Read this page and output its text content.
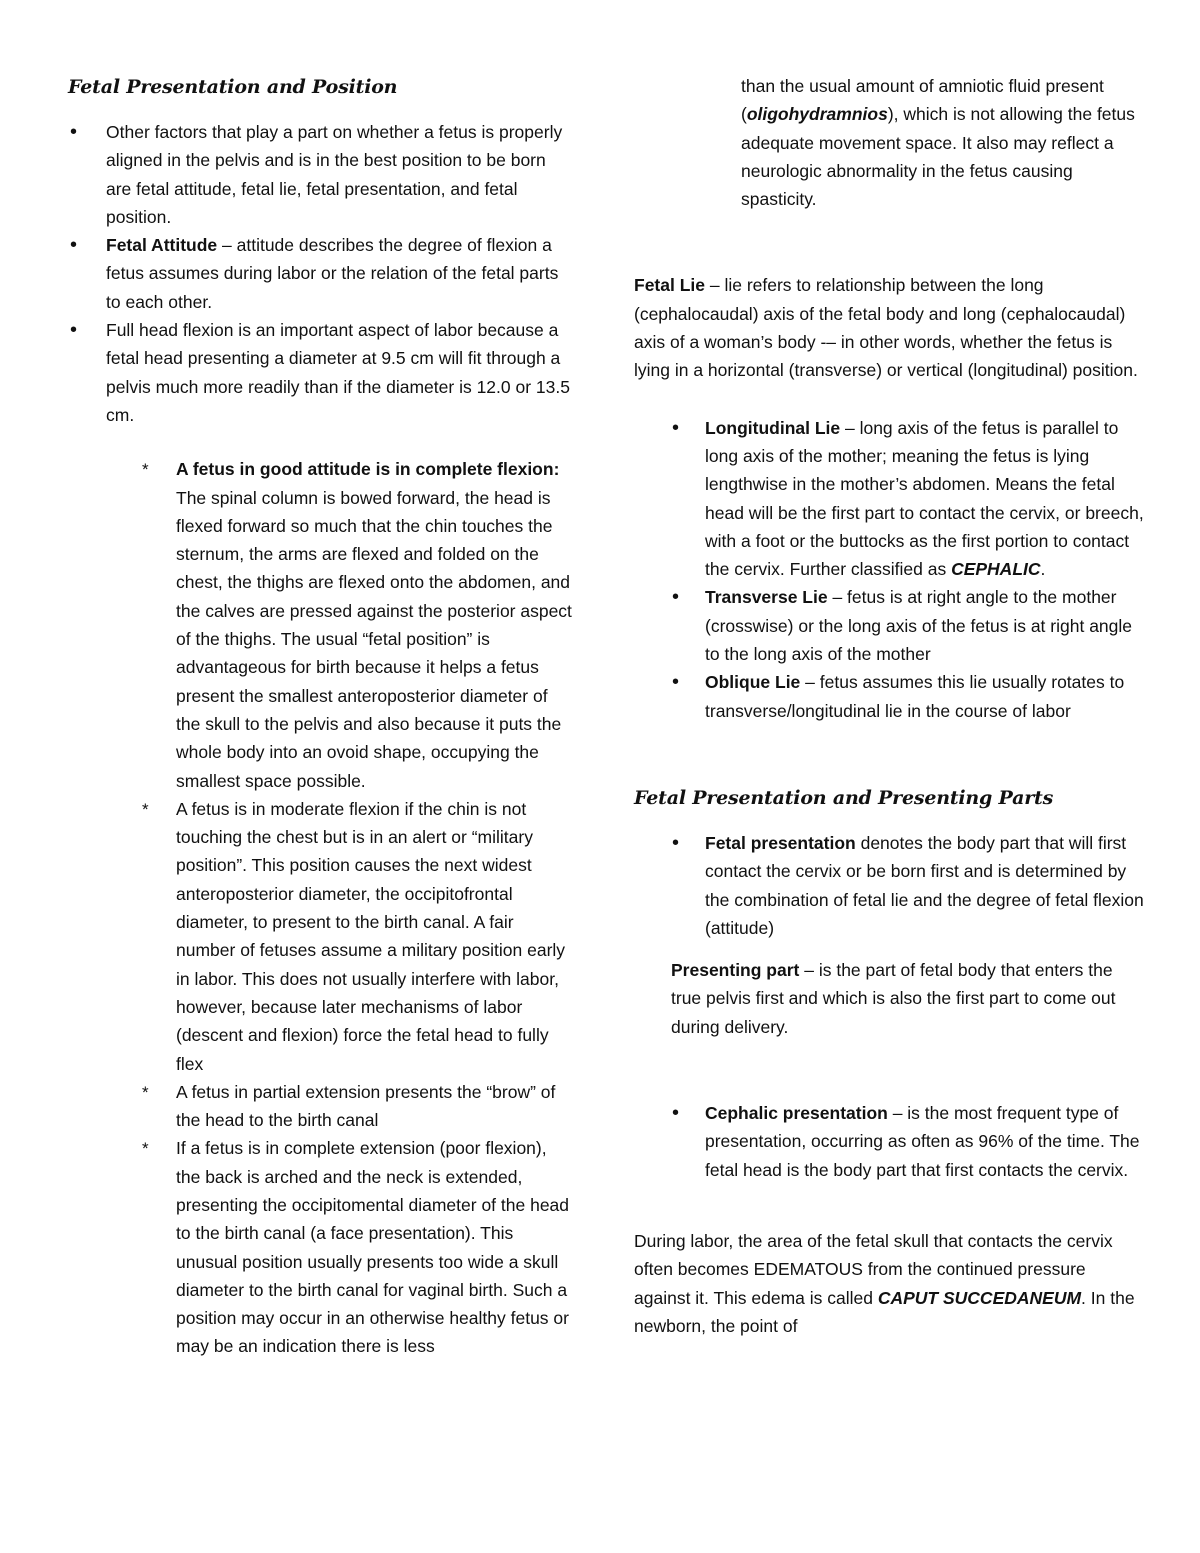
Fetal Presentation and Position
• Other factors that play a part on whether a fetus is properly aligned in the pelvis and is in the best position to be born are fetal attitude, fetal lie, fetal presentation, and fetal position.
• Fetal Attitude – attitude describes the degree of flexion a fetus assumes during labor or the relation of the fetal parts to each other.
• Full head flexion is an important aspect of labor because a fetal head presenting a diameter at 9.5 cm will fit through a pelvis much more readily than if the diameter is 12.0 or 13.5 cm.
* A fetus in good attitude is in complete flexion: The spinal column is bowed forward, the head is flexed forward so much that the chin touches the sternum, the arms are flexed and folded on the chest, the thighs are flexed onto the abdomen, and the calves are pressed against the posterior aspect of the thighs. The usual “fetal position” is advantageous for birth because it helps a fetus present the smallest anteroposterior diameter of the skull to the pelvis and also because it puts the whole body into an ovoid shape, occupying the smallest space possible.
* A fetus is in moderate flexion if the chin is not touching the chest but is in an alert or “military position”. This position causes the next widest anteroposterior diameter, the occipitofrontal diameter, to present to the birth canal. A fair number of fetuses assume a military position early in labor. This does not usually interfere with labor, however, because later mechanisms of labor (descent and flexion) force the fetal head to fully flex
* A fetus in partial extension presents the “brow” of the head to the birth canal
* If a fetus is in complete extension (poor flexion), the back is arched and the neck is extended, presenting the occipitomental diameter of the head to the birth canal (a face presentation). This unusual position usually presents too wide a skull diameter to the birth canal for vaginal birth. Such a position may occur in an otherwise healthy fetus or may be an indication there is less

than the usual amount of amniotic fluid present (oligohydramnios), which is not allowing the fetus adequate movement space. It also may reflect a neurologic abnormality in the fetus causing spasticity.

Fetal Lie – lie refers to relationship between the long (cephalocaudal) axis of the fetal body and long (cephalocaudal) axis of a woman’s body -– in other words, whether the fetus is lying in a horizontal (transverse) or vertical (longitudinal) position.

• Longitudinal Lie – long axis of the fetus is parallel to long axis of the mother; meaning the fetus is lying lengthwise in the mother’s abdomen. Means the fetal head will be the first part to contact the cervix, or breech, with a foot or the buttocks as the first portion to contact the cervix. Further classified as CEPHALIC.
• Transverse Lie – fetus is at right angle to the mother (crosswise) or the long axis of the fetus is at right angle to the long axis of the mother
• Oblique Lie – fetus assumes this lie usually rotates to transverse/longitudinal lie in the course of labor
Fetal Presentation and Presenting Parts
• Fetal presentation denotes the body part that will first contact the cervix or be born first and is determined by the combination of fetal lie and the degree of fetal flexion (attitude)

Presenting part – is the part of fetal body that enters the true pelvis first and which is also the first part to come out during delivery.

• Cephalic presentation – is the most frequent type of presentation, occurring as often as 96% of the time. The fetal head is the body part that first contacts the cervix.

During labor, the area of the fetal skull that contacts the cervix often becomes EDEMATOUS from the continued pressure against it. This edema is called CAPUT SUCCEDANEUM. In the newborn, the point of
